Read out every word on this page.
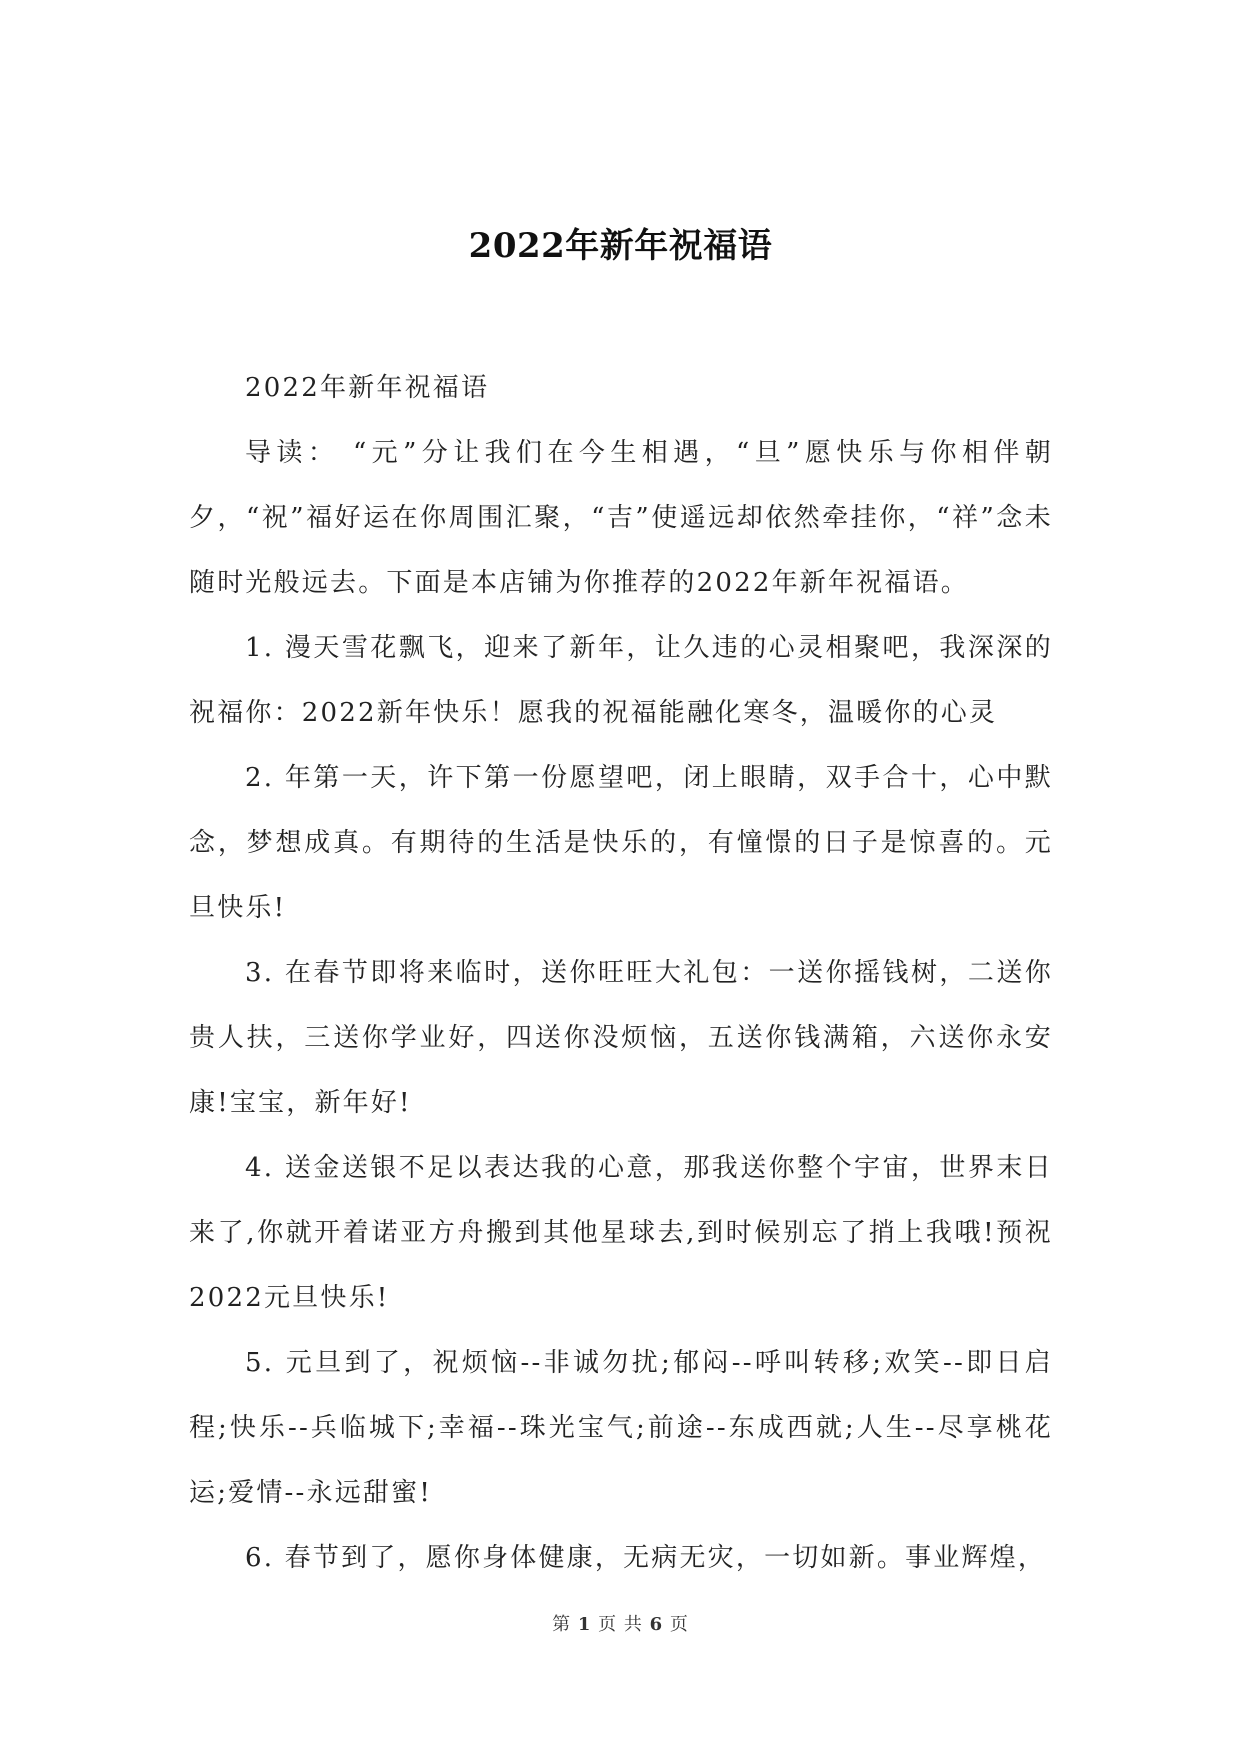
2022年新年祝福语

2022年新年祝福语

导读： “元”分让我们在今生相遇，“旦”愿快乐与你相伴朝夕，“祝”福好运在你周围汇聚，“吉”使遥远却依然牵挂你，“祥”念未随时光般远去。下面是本店铺为你推荐的2022年新年祝福语。

1. 漫天雪花飘飞，迎来了新年，让久违的心灵相聚吧，我深深的祝福你：2022新年快乐！愿我的祝福能融化寒冬，温暖你的心灵

2. 年第一天，许下第一份愿望吧，闭上眼睛，双手合十，心中默念，梦想成真。有期待的生活是快乐的，有憧憬的日子是惊喜的。元旦快乐!

3. 在春节即将来临时，送你旺旺大礼包：一送你摇钱树，二送你贵人扶，三送你学业好，四送你没烦恼，五送你钱满箱，六送你永安康!宝宝，新年好!

4. 送金送银不足以表达我的心意，那我送你整个宇宙，世界末日来了,你就开着诺亚方舟搬到其他星球去,到时候别忘了捎上我哦!预祝2022元旦快乐!

5. 元旦到了，祝烦恼--非诚勿扰;郁闷--呼叫转移;欢笑--即日启程;快乐--兵临城下;幸福--珠光宝气;前途--东成西就;人生--尽享桃花运;爱情--永远甜蜜!

6. 春节到了，愿你身体健康，无病无灾，一切如新。事业辉煌，

第 1 页 共 6 页
